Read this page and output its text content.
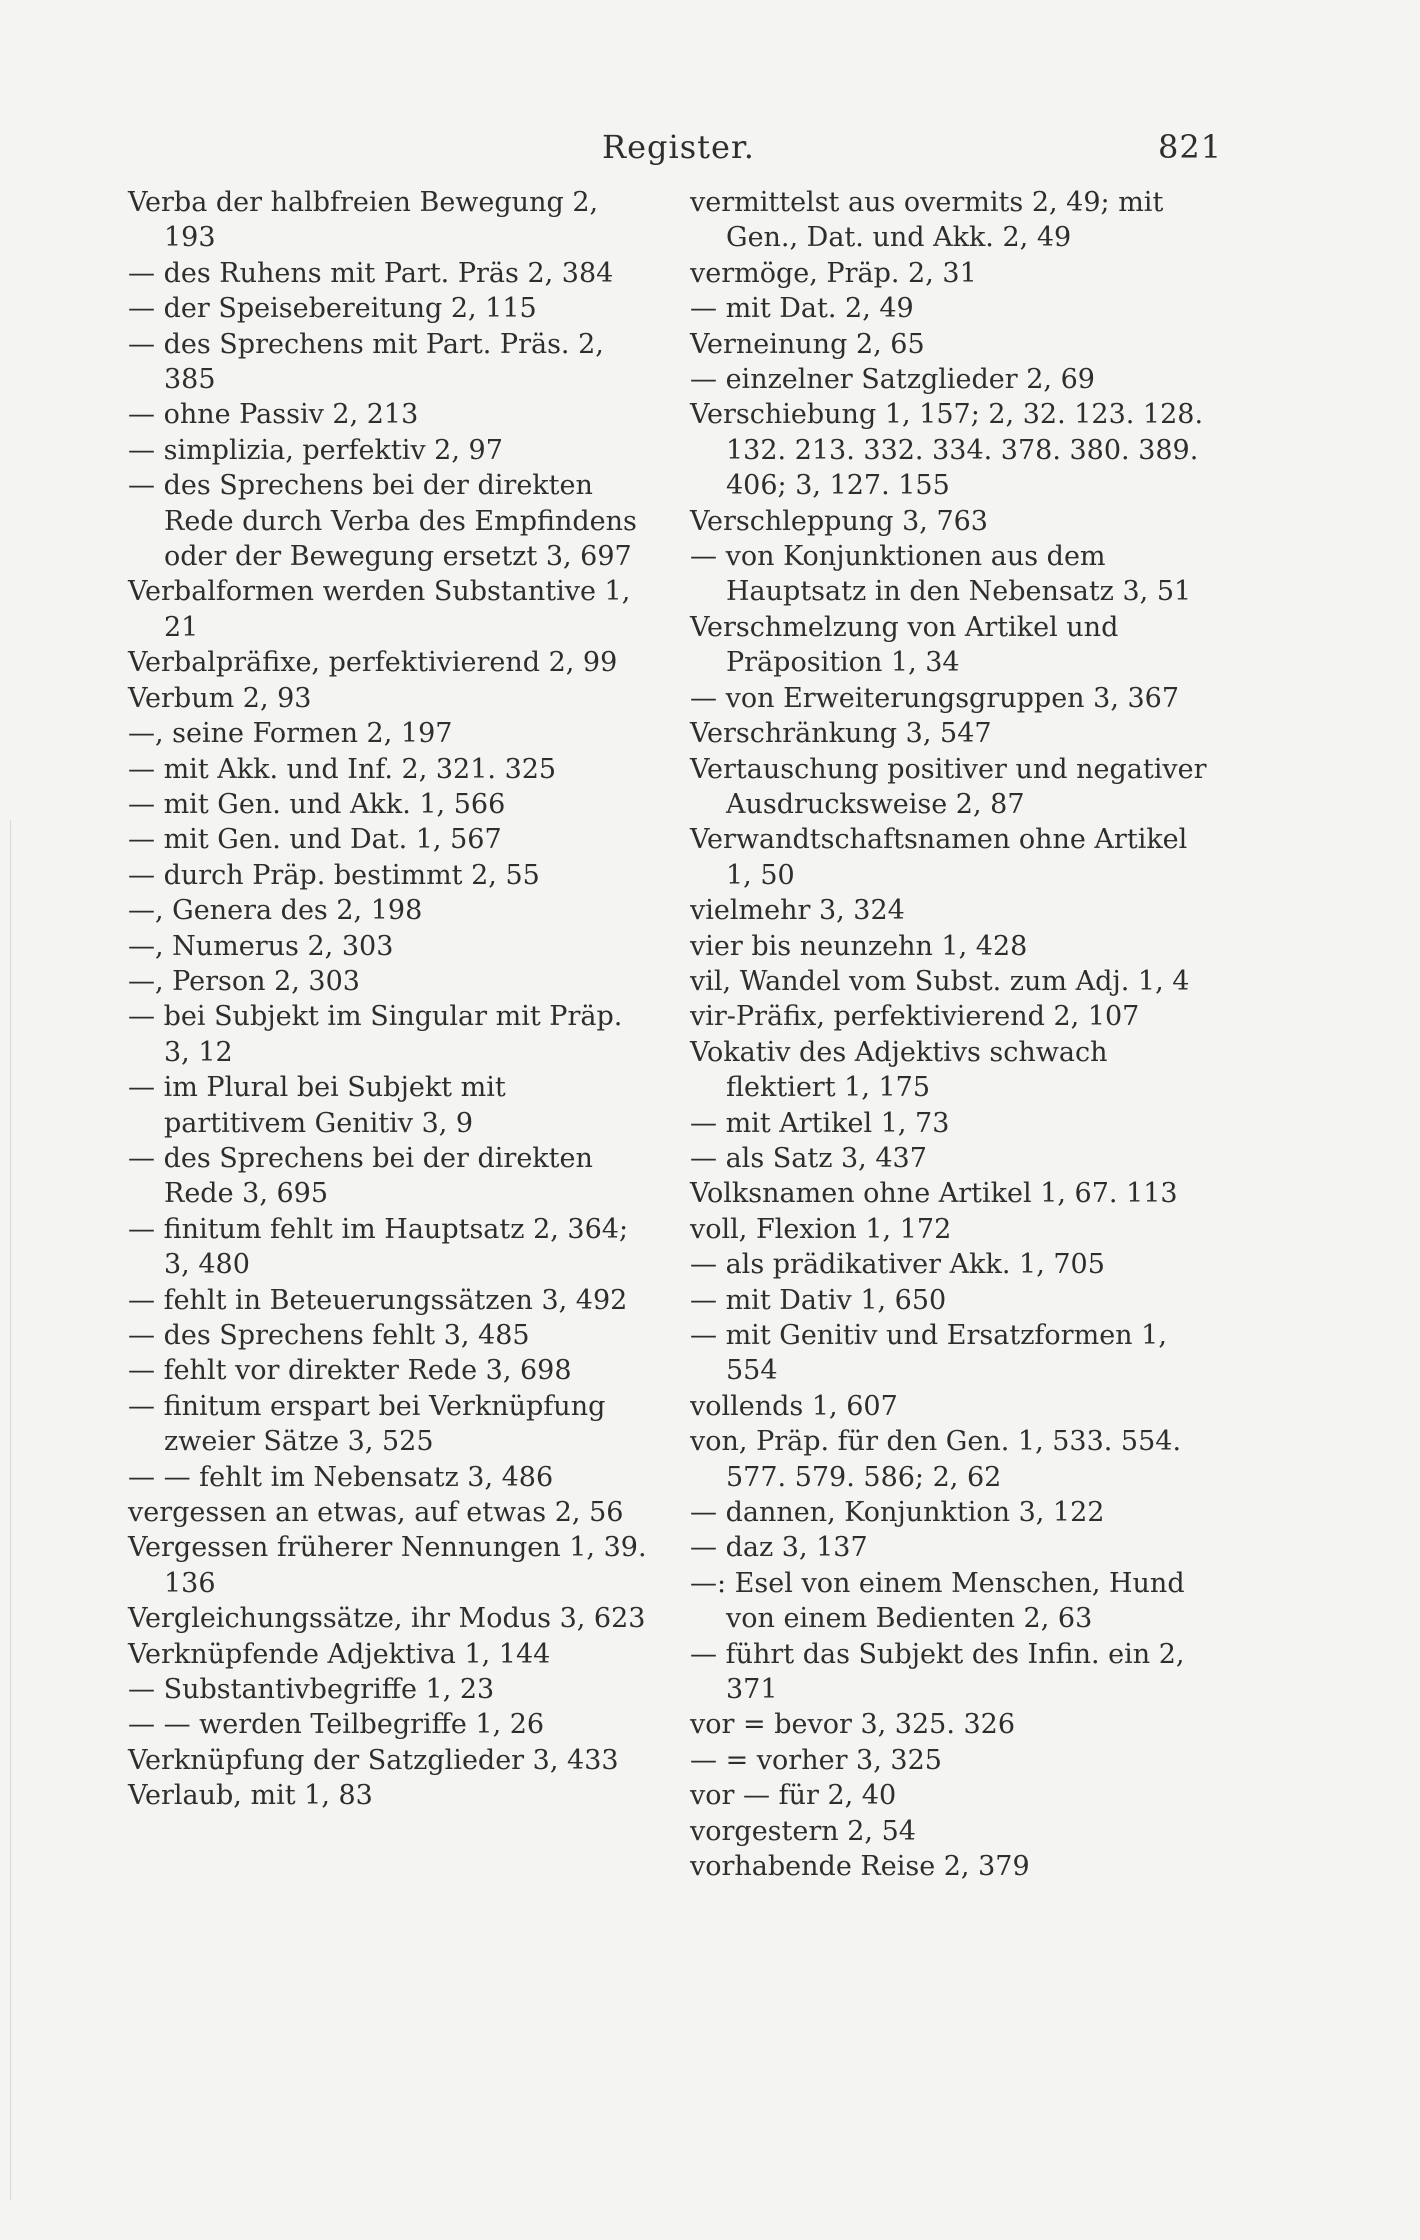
Register.	821

Verba der halbfreien Bewegung 2, 193

— des Ruhens mit Part. Präs 2, 384

— der Speisebereitung 2, 115

— des Sprechens mit Part. Präs. 2, 385

— ohne Passiv 2, 213

— simplizia, perfektiv 2, 97

— des Sprechens bei der direkten Rede durch Verba des Empfindens oder der Bewegung ersetzt 3, 697

Verbalformen werden Substantive 1, 21

Verbalpräfixe, perfektivierend 2, 99

Verbum 2, 93

—, seine Formen 2, 197

— mit Akk. und Inf. 2, 321. 325

— mit Gen. und Akk. 1, 566

— mit Gen. und Dat. 1, 567

— durch Präp. bestimmt 2, 55

—, Genera des 2, 198

—, Numerus 2, 303

—, Person 2, 303

— bei Subjekt im Singular mit Präp. 3, 12

— im Plural bei Subjekt mit partitivem Genitiv 3, 9

— des Sprechens bei der direkten Rede 3, 695

— finitum fehlt im Hauptsatz 2, 364; 3, 480

— fehlt in Beteuerungssätzen 3, 492

— des Sprechens fehlt 3, 485

— fehlt vor direkter Rede 3, 698

— finitum erspart bei Verknüpfung zweier Sätze 3, 525

— — fehlt im Nebensatz 3, 486

vergessen an etwas, auf etwas 2, 56

Vergessen früherer Nennungen 1, 39. 136

Vergleichungssätze, ihr Modus 3, 623

Verknüpfende Adjektiva 1, 144

— Substantivbegriffe 1, 23

— — werden Teilbegriffe 1, 26

Verknüpfung der Satzglieder 3, 433

Verlaub, mit 1, 83

vermittelst aus overmits 2, 49; mit Gen., Dat. und Akk. 2, 49

vermöge, Präp. 2, 31

— mit Dat. 2, 49

Verneinung 2, 65

— einzelner Satzglieder 2, 69

Verschiebung 1, 157; 2, 32. 123. 128. 132. 213. 332. 334. 378. 380. 389. 406; 3, 127. 155

Verschleppung 3, 763

— von Konjunktionen aus dem Hauptsatz in den Nebensatz 3, 51

Verschmelzung von Artikel und Präposition 1, 34

— von Erweiterungsgruppen 3, 367

Verschränkung 3, 547

Vertauschung positiver und negativer Ausdrucksweise 2, 87

Verwandtschaftsnamen ohne Artikel 1, 50

vielmehr 3, 324

vier bis neunzehn 1, 428

vil, Wandel vom Subst. zum Adj. 1, 4

vir-Präfix, perfektivierend 2, 107

Vokativ des Adjektivs schwach flektiert 1, 175

— mit Artikel 1, 73

— als Satz 3, 437

Volksnamen ohne Artikel 1, 67. 113

voll, Flexion 1, 172

— als prädikativer Akk. 1, 705

— mit Dativ 1, 650

— mit Genitiv und Ersatzformen 1, 554

vollends 1, 607

von, Präp. für den Gen. 1, 533. 554. 577. 579. 586; 2, 62

— dannen, Konjunktion 3, 122

— daz 3, 137

—: Esel von einem Menschen, Hund von einem Bedienten 2, 63

— führt das Subjekt des Infin. ein 2, 371

vor = bevor 3, 325. 326

— = vorher 3, 325

vor — für 2, 40

vorgestern 2, 54

vorhabende Reise 2, 379
